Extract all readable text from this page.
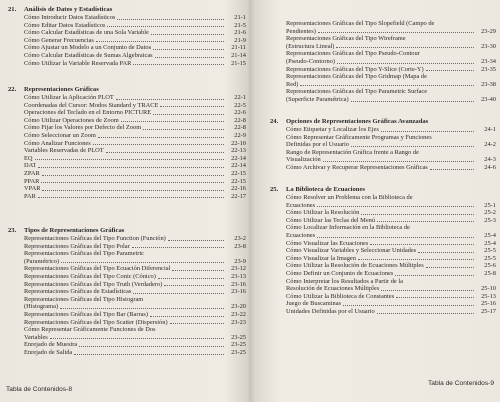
21.	Análisis de Datos y Estadísticas
Cómo Introducir Datos Estadísticos	21-1
Cómo Editar Datos Estadísticos	21-5
Cómo Calcular Estadísticas de una Sola Variable	21-6
Cómo Generar Frecuencias	21-9
Cómo Ajustar un Modelo a un Conjunto de Datos	21-11
Cómo Calcular Estadísticas de Sumas Algebraicas	21-14
Cómo Utilizar la Variable Reservada PAR	21-15
22.	Representaciones Gráficas
Cómo Utilizar la Aplicación PLOT	22-1
Coordenadas del Cursor: Modos Standard y TRACE	22-5
Operaciones del Teclado en el Entorno PICTURE	22-6
Cómo Utilizar Operaciones de Zoom	22-8
Cómo Fijar los Valores por Defecto del Zoom	22-8
Cómo Seleccionar un Zoom	22-9
Cómo Analizar Funciones	22-10
Variables Reservadas de PLOT	22-13
EQ	22-14
DAT	22-14
ZPAR	22-15
PPAR	22-15
VPAR	22-16
PAR	22-17
23.	Tipos de Representaciones Gráficas
Representaciones Gráficas del Tipo Function (Función)	23-2
Representaciones Gráficas del Tipo Polar	23-8
Representaciones Gráficas del Tipo Parametric
(Paramétrico)	23-9
Representaciones Gráficas del Tipo Ecuación Diferencial	23-12
Representaciones Gráficas del Tipo Conic (Cónico)	23-13
Representaciones Gráficas del Tipo Truth (Verdadero)	23-16
Representaciones Gráficas de Estadísticas	23-16
Representaciones Gráficas del Tipo Histogram
(Histograma)	23-20
Representaciones Gráficas del Tipo Bar (Barras)	23-22
Representaciones Gráficas del Tipo Scatter (Dispersión)	23-23
Cómo Representar Gráficamente Funciones de Dos
Variables	23-25
Enrejado de Muestra	23-25
Enrejado de Salida	23-25
Tabla de Contenidos-8
Representaciones Gráficas del Tipo Slopefield (Campo de
Pendientes)	23-29
Representaciones Gráficas del Tipo Wireframe
(Estructura Lineal)	23-30
Representaciones Gráficas del Tipo Pseudo-Contour
(Pseudo-Contorno)	23-34
Representaciones Gráficas del Tipo Y-Slice (Corte-Y)	23-35
Representaciones Gráficas del Tipo Gridmap (Mapa de
Red)	23-38
Representaciones Gráficas del Tipo Parametric Surface
(Superficie Paramétrica)	23-40
24.	Opciones de Representaciones Gráficas Avanzadas
Cómo Etiquetar y Localizar los Ejes	24-1
Cómo Representar Gráficamente Programas y Funciones
Definidas por el Usuario	24-2
Rango de Representación Gráfica frente a Rango de
Visualización	24-3
Cómo Archivar y Recuperar Representaciones Gráficas	24-6
25.	La Biblioteca de Ecuaciones
Cómo Resolver un Problema con la Biblioteca de
Ecuaciones	25-1
Cómo Utilizar la Resolución	25-2
Cómo Utilizar las Teclas del Menú	25-3
Cómo Localizar Información en la Biblioteca de
Ecuaciones	25-4
Cómo Visualizar las Ecuaciones	25-4
Cómo Visualizar Variables y Seleccionar Unidades	25-5
Cómo Visualizar la Imagen	25-5
Cómo Utilizar la Resolución de Ecuaciones Múltiples	25-6
Cómo Definir un Conjunto de Ecuaciones	25-8
Cómo Interpretar los Resultados a Partir de la
Resolución de Ecuaciones Múltiples	25-10
Cómo Utilizar la Biblioteca de Constantes	25-13
Juego de Buscaminas	25-16
Unidades Definidas por el Usuario	25-17
Tabla de Contenidos-9
